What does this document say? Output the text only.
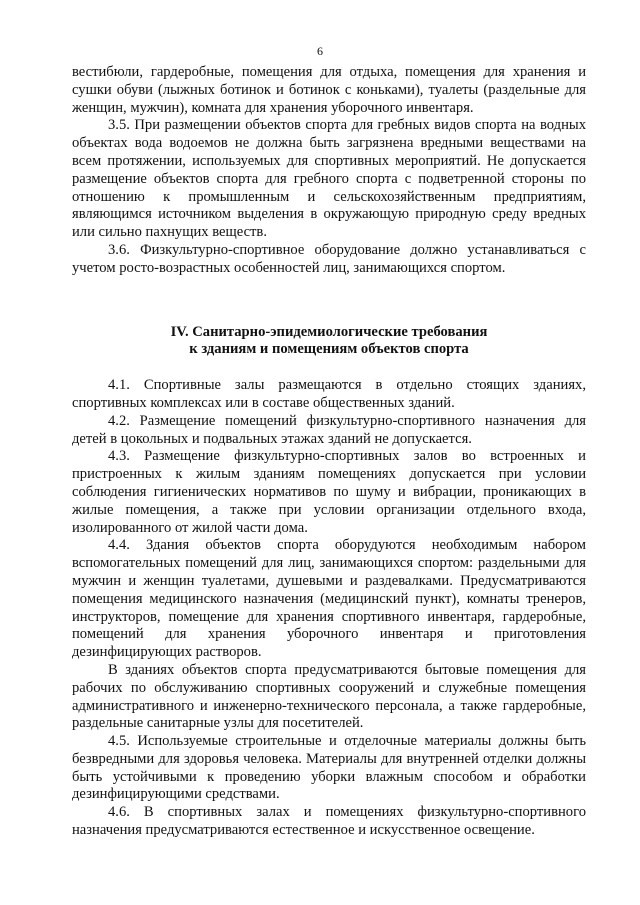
6

вестибюли, гардеробные, помещения для отдыха, помещения для хранения и сушки обуви (лыжных ботинок и ботинок с коньками), туалеты (раздельные для женщин, мужчин), комната для хранения уборочного инвентаря.

3.5. При размещении объектов спорта для гребных видов спорта на водных объектах вода водоемов не должна быть загрязнена вредными веществами на всем протяжении, используемых для спортивных мероприятий. Не допускается размещение объектов спорта для гребного спорта с подветренной стороны по отношению к промышленным и сельскохозяйственным предприятиям, являющимся источником выделения в окружающую природную среду вредных или сильно пахнущих веществ.

3.6. Физкультурно-спортивное оборудование должно устанавливаться с учетом росто-возрастных особенностей лиц, занимающихся спортом.

IV. Санитарно-эпидемиологические требования
к зданиям и помещениям объектов спорта

4.1. Спортивные залы размещаются в отдельно стоящих зданиях, спортивных комплексах или в составе общественных зданий.

4.2. Размещение помещений физкультурно-спортивного назначения для детей в цокольных и подвальных этажах зданий не допускается.

4.3. Размещение физкультурно-спортивных залов во встроенных и пристроенных к жилым зданиям помещениях допускается при условии соблюдения гигиенических нормативов по шуму и вибрации, проникающих в жилые помещения, а также при условии организации отдельного входа, изолированного от жилой части дома.

4.4. Здания объектов спорта оборудуются необходимым набором вспомогательных помещений для лиц, занимающихся спортом: раздельными для мужчин и женщин туалетами, душевыми и раздевалками. Предусматриваются помещения медицинского назначения (медицинский пункт), комнаты тренеров, инструкторов, помещение для хранения спортивного инвентаря, гардеробные, помещений для хранения уборочного инвентаря и приготовления дезинфицирующих растворов.

В зданиях объектов спорта предусматриваются бытовые помещения для рабочих по обслуживанию спортивных сооружений и служебные помещения административного и инженерно-технического персонала, а также гардеробные, раздельные санитарные узлы для посетителей.

4.5. Используемые строительные и отделочные материалы должны быть безвредными для здоровья человека. Материалы для внутренней отделки должны быть устойчивыми к проведению уборки влажным способом и обработки дезинфицирующими средствами.

4.6. В спортивных залах и помещениях физкультурно-спортивного назначения предусматриваются естественное и искусственное освещение.
